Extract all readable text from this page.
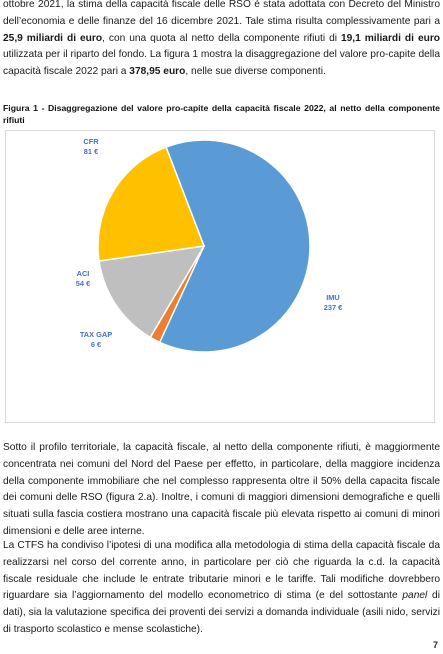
ottobre 2021, la stima della capacità fiscale delle RSO è stata adottata con Decreto del Ministro dell’economia e delle finanze del 16 dicembre 2021. Tale stima risulta complessivamente pari a 25,9 miliardi di euro, con una quota al netto della componente rifiuti di 19,1 miliardi di euro utilizzata per il riparto del fondo. La figura 1 mostra la disaggregazione del valore pro-capite della capacità fiscale 2022 pari a 378,95 euro, nelle sue diverse componenti.

Figura 1 - Disaggregazione del valore pro-capite della capacità fiscale 2022, al netto della componente rifiuti

IMU
237 €
TAX GAP
6 €
ACI
54 €
CFR
81 €

Sotto il profilo territoriale, la capacità fiscale, al netto della componente rifiuti, è maggiormente concentrata nei comuni del Nord del Paese per effetto, in particolare, della maggiore incidenza della componente immobiliare che nel complesso rappresenta oltre il 50% della capacita fiscale dei comuni delle RSO (figura 2.a). Inoltre, i comuni di maggiori dimensioni demografiche e quelli situati sulla fascia costiera mostrano una capacità fiscale più elevata rispetto ai comuni di minori dimensioni e delle aree interne.

La CTFS ha condiviso l’ipotesi di una modifica alla metodologia di stima della capacità fiscale da realizzarsi nel corso del corrente anno, in particolare per ciò che riguarda la c.d. la capacità fiscale residuale che include le entrate tributarie minori e le tariffe. Tali modifiche dovrebbero riguardare sia l’aggiornamento del modello econometrico di stima (e del sottostante panel di dati), sia la valutazione specifica dei proventi dei servizi a domanda individuale (asili nido, servizi di trasporto scolastico e mense scolastiche).

7
